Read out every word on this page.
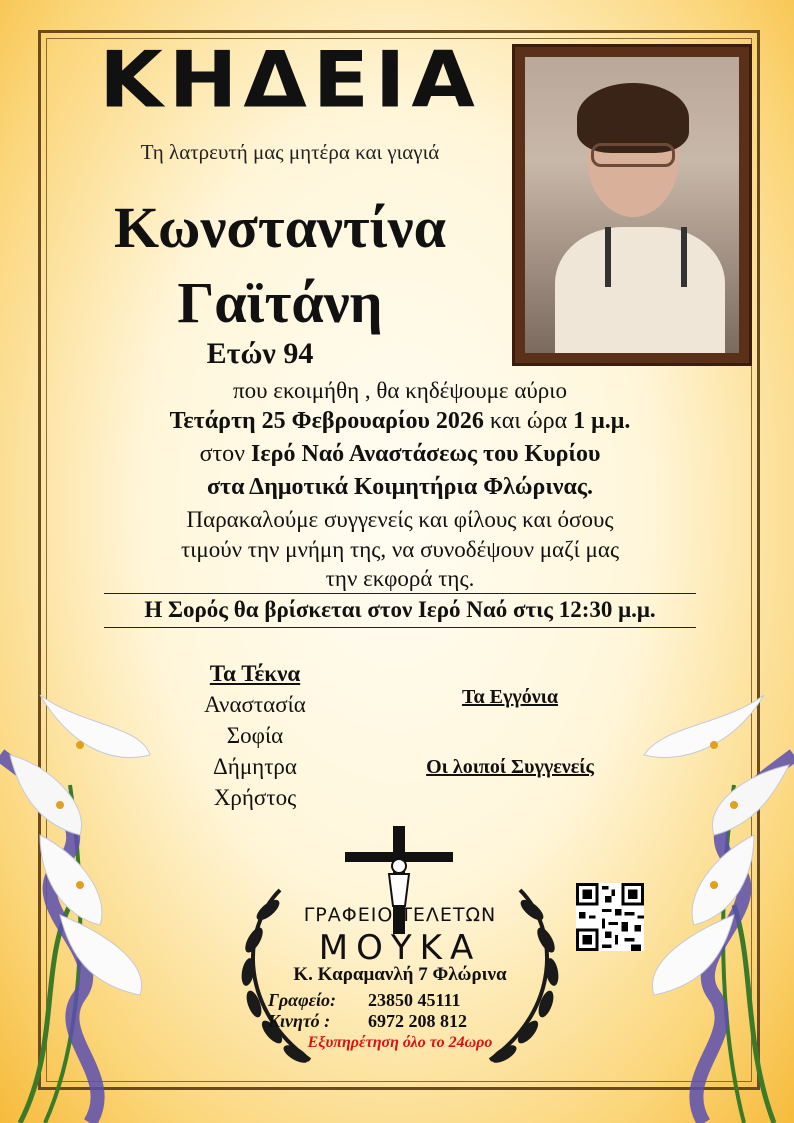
ΚΗΔΕΙΑ
Τη λατρευτή μας μητέρα και γιαγιά
Κωνσταντίνα
Γαϊτάνη
Ετών 94
που εκοιμήθη , θα κηδέψουμε αύριο
Τετάρτη 25 Φεβρουαρίου 2026 και ώρα 1 μ.μ.
στον Ιερό Ναό Αναστάσεως του Κυρίου
στα Δημοτικά Κοιμητήρια Φλώρινας.
Παρακαλούμε συγγενείς και φίλους και όσους
τιμούν την μνήμη της, να συνοδέψουν μαζί μας
την εκφορά της.
Η Σορός θα βρίσκεται στον Ιερό Ναό στις 12:30 μ.μ.
Τα Τέκνα
Αναστασία
Σοφία
Δήμητρα
Χρήστος
Τα Εγγόνια
Οι λοιποί Συγγενείς
ΓΡΑΦΕΙΟ ΤΕΛΕΤΩΝ
ΜΟΥΚΑ
Κ. Καραμανλή 7 Φλώρινα
Γραφείο: 23850 45111
Κινητό : 6972 208 812
Εξυπηρέτηση όλο το 24ωρο
